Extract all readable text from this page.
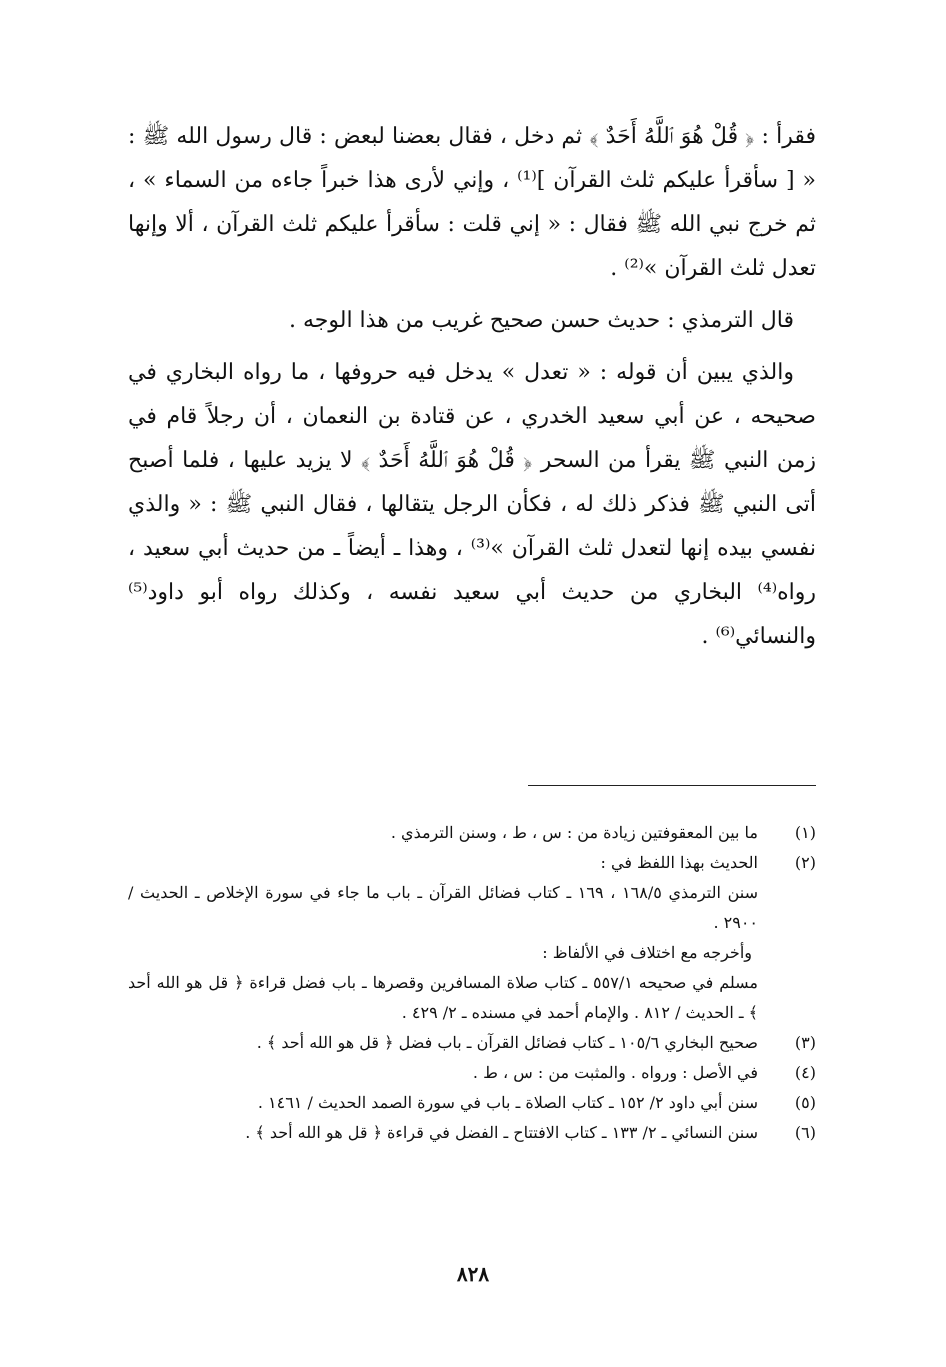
فقرأ : ﴿ قُلْ هُوَ ٱللَّهُ أَحَدٌ ﴾ ثم دخل ، فقال بعضنا لبعض : قال رسول الله ﷺ : « [ سأقرأ عليكم ثلث القرآن ]⁽¹⁾ ، وإني لأرى هذا خبراً جاءه من السماء » ، ثم خرج نبي الله ﷺ فقال : « إني قلت : سأقرأ عليكم ثلث القرآن ، ألا وإنها تعدل ثلث القرآن »⁽²⁾ .

قال الترمذي : حديث حسن صحيح غريب من هذا الوجه .

والذي يبين أن قوله : « تعدل » يدخل فيه حروفها ، ما رواه البخاري في صحيحه ، عن أبي سعيد الخدري ، عن قتادة بن النعمان ، أن رجلاً قام في زمن النبي ﷺ يقرأ من السحر ﴿ قُلْ هُوَ ٱللَّهُ أَحَدٌ ﴾ لا يزيد عليها ، فلما أصبح أتى النبي ﷺ فذكر ذلك له ، فكأن الرجل يتقالها ، فقال النبي ﷺ : « والذي نفسي بيده إنها لتعدل ثلث القرآن »⁽³⁾ ، وهذا ـ أيضاً ـ من حديث أبي سعيد ، رواه⁽⁴⁾ البخاري من حديث أبي سعيد نفسه ، وكذلك رواه أبو داود⁽⁵⁾ والنسائي⁽⁶⁾ .

(١)

ما بين المعقوفتين زيادة من : س ، ط ، وسنن الترمذي .

(٢)

الحديث بهذا اللفظ في :

سنن الترمذي ١٦٨/٥ ، ١٦٩ ـ كتاب فضائل القرآن ـ باب ما جاء في سورة الإخلاص ـ الحديث / ٢٩٠٠ .

وأخرجه مع اختلاف في الألفاظ :

مسلم في صحيحه ٥٥٧/١ ـ كتاب صلاة المسافرين وقصرها ـ باب فضل قراءة ﴿ قل هو الله أحد ﴾ ـ الحديث / ٨١٢ . والإمام أحمد في مسنده ـ ٢/ ٤٢٩ .

(٣)

صحيح البخاري ١٠٥/٦ ـ كتاب فضائل القرآن ـ باب فضل ﴿ قل هو الله أحد ﴾ .

(٤)

في الأصل : ورواه . والمثبت من : س ، ط .

(٥)

سنن أبي داود ٢/ ١٥٢ ـ كتاب الصلاة ـ باب في سورة الصمد الحديث / ١٤٦١ .

(٦)

سنن النسائي ـ ٢/ ١٣٣ ـ كتاب الافتتاح ـ الفضل في قراءة ﴿ قل هو الله أحد ﴾ .

٨٢٨
